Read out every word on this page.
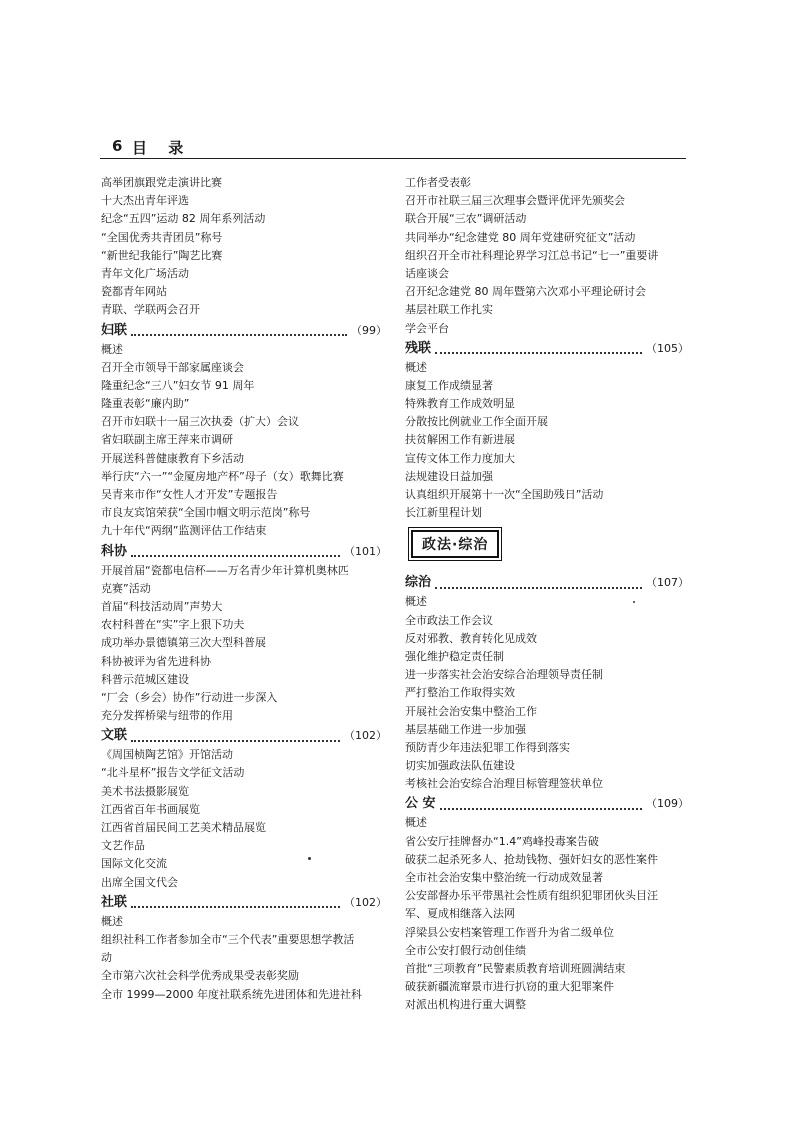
6 目 录
高举团旗跟党走演讲比赛
十大杰出青年评选
纪念“五四”运动 82 周年系列活动
“全国优秀共青团员”称号
“新世纪我能行”陶艺比赛
青年文化广场活动
瓷都青年网站
青联、学联两会召开
妇联	（99）
概述
召开全市领导干部家属座谈会
隆重纪念“三八”妇女节 91 周年
隆重表彰“廉内助”
召开市妇联十一届三次执委（扩大）会议
省妇联副主席王萍来市调研
开展送科普健康教育下乡活动
举行庆“六一”“金厦房地产杯”母子（女）歌舞比赛
吴青来市作“女性人才开发”专题报告
市良友宾馆荣获“全国巾帼文明示范岗”称号
九十年代“两纲”监测评估工作结束
科协	（101）
开展首届“瓷都电信杯——万名青少年计算机奥林匹
克赛”活动
首届“科技活动周”声势大
农村科普在“实”字上狠下功夫
成功举办景德镇第三次大型科普展
科协被评为省先进科协
科普示范城区建设
“厂会（乡会）协作”行动进一步深入
充分发挥桥梁与纽带的作用
文联	（102）
《周国桢陶艺馆》开馆活动
“北斗星杯”报告文学征文活动
美术书法摄影展览
江西省百年书画展览
江西省首届民间工艺美术精品展览
文艺作品
国际文化交流
出席全国文代会
社联	（102）
概述
组织社科工作者参加全市“三个代表”重要思想学教活
动
全市第六次社会科学优秀成果受表彰奖励
全市 1999—2000 年度社联系统先进团体和先进社科
工作者受表彰
召开市社联三届三次理事会暨评优评先颁奖会
联合开展“三农”调研活动
共同举办“纪念建党 80 周年党建研究征文”活动
组织召开全市社科理论界学习江总书记“七一”重要讲
话座谈会
召开纪念建党 80 周年暨第六次邓小平理论研讨会
基层社联工作扎实
学会平台
残联	（105）
概述
康复工作成绩显著
特殊教育工作成效明显
分散按比例就业工作全面开展
扶贫解困工作有新进展
宣传文体工作力度加大
法规建设日益加强
认真组织开展第十一次“全国助残日”活动
长江新里程计划
政法·综治
综治	（107）
概述
全市政法工作会议
反对邪教、教育转化见成效
强化维护稳定责任制
进一步落实社会治安综合治理领导责任制
严打整治工作取得实效
开展社会治安集中整治工作
基层基础工作进一步加强
预防青少年违法犯罪工作得到落实
切实加强政法队伍建设
考核社会治安综合治理目标管理签状单位
公 安	（109）
概述
省公安厅挂牌督办“1.4”鸡峰投毒案告破
破获二起杀死多人、抢劫钱物、强奸妇女的恶性案件
全市社会治安集中整治统一行动成效显著
公安部督办乐平带黑社会性质有组织犯罪团伙头目汪
军、夏成相继落入法网
浮梁县公安档案管理工作晋升为省二级单位
全市公安打假行动创佳绩
首批“三项教育”民警素质教育培训班圆满结束
破获新疆流窜景市进行扒窃的重大犯罪案件
对派出机构进行重大调整
